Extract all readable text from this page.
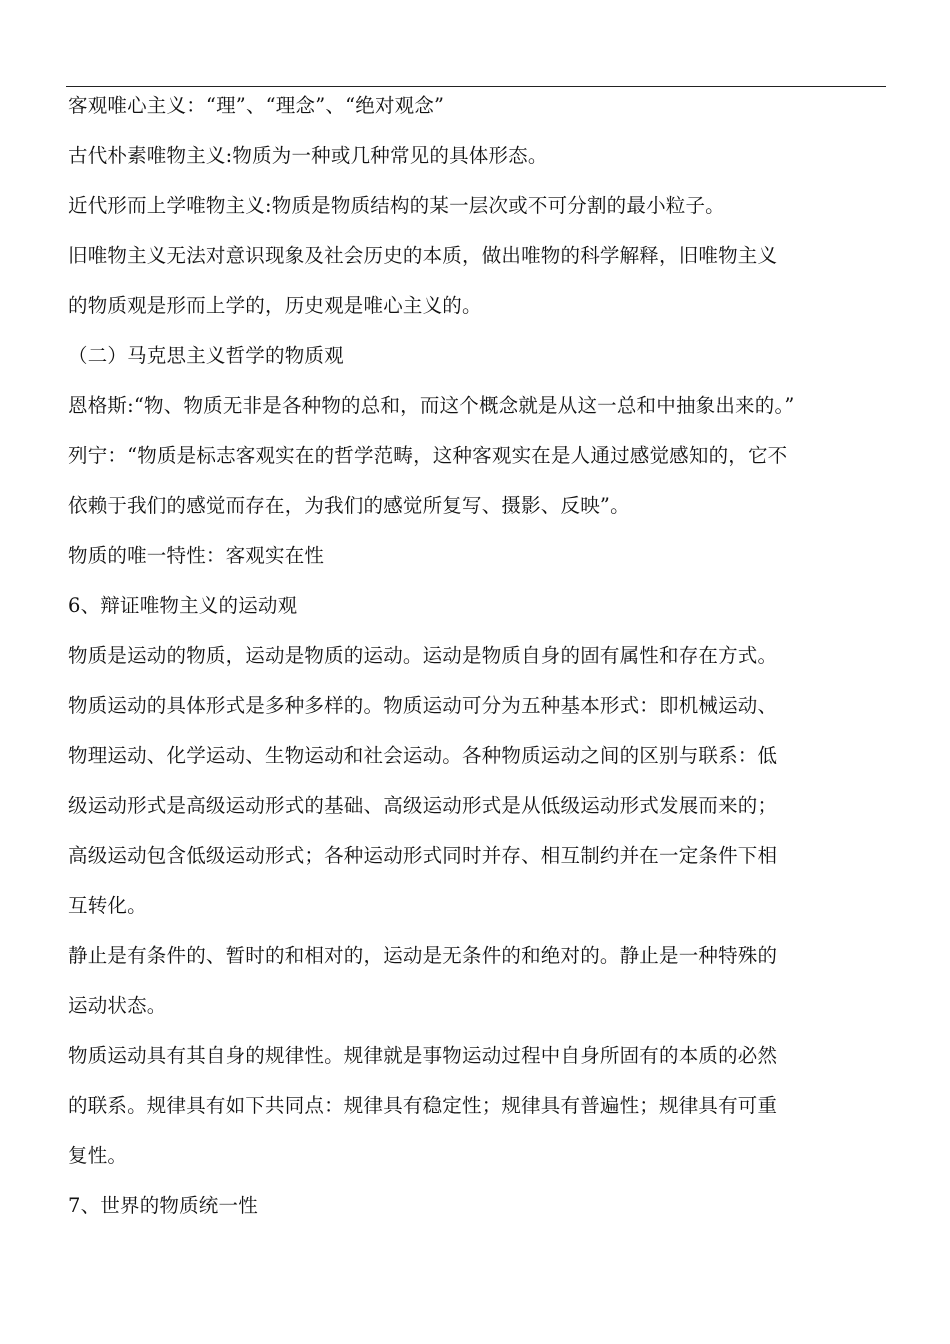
客观唯心主义：“理”、“理念”、“绝对观念”
古代朴素唯物主义:物质为一种或几种常见的具体形态。
近代形而上学唯物主义:物质是物质结构的某一层次或不可分割的最小粒子。
旧唯物主义无法对意识现象及社会历史的本质，做出唯物的科学解释，旧唯物主义
的物质观是形而上学的，历史观是唯心主义的。
（二）马克思主义哲学的物质观
恩格斯:“物、物质无非是各种物的总和，而这个概念就是从这一总和中抽象出来的。”
列宁：“物质是标志客观实在的哲学范畴，这种客观实在是人通过感觉感知的，它不
依赖于我们的感觉而存在，为我们的感觉所复写、摄影、反映”。
物质的唯一特性：客观实在性
6、辩证唯物主义的运动观
物质是运动的物质，运动是物质的运动。运动是物质自身的固有属性和存在方式。
物质运动的具体形式是多种多样的。物质运动可分为五种基本形式：即机械运动、
物理运动、化学运动、生物运动和社会运动。各种物质运动之间的区别与联系：低
级运动形式是高级运动形式的基础、高级运动形式是从低级运动形式发展而来的；
高级运动包含低级运动形式；各种运动形式同时并存、相互制约并在一定条件下相
互转化。
静止是有条件的、暂时的和相对的，运动是无条件的和绝对的。静止是一种特殊的
运动状态。
物质运动具有其自身的规律性。规律就是事物运动过程中自身所固有的本质的必然
的联系。规律具有如下共同点：规律具有稳定性；规律具有普遍性；规律具有可重
复性。
7、世界的物质统一性
